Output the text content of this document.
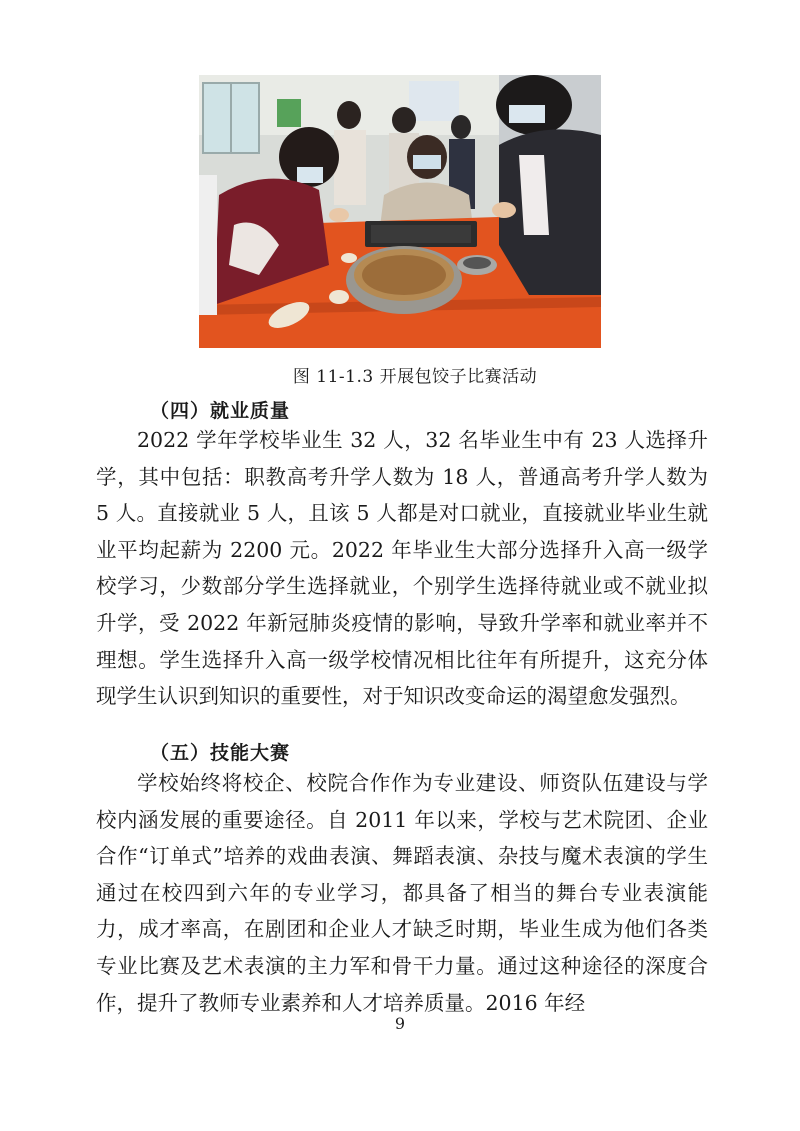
图 11-1.3 开展包饺子比赛活动
（四）就业质量
2022 学年学校毕业生 32 人，32 名毕业生中有 23 人选择升学，其中包括：职教高考升学人数为 18 人，普通高考升学人数为 5 人。直接就业 5 人，且该 5 人都是对口就业，直接就业毕业生就业平均起薪为 2200 元。2022 年毕业生大部分选择升入高一级学校学习，少数部分学生选择就业，个别学生选择待就业或不就业拟升学，受 2022 年新冠肺炎疫情的影响，导致升学率和就业率并不理想。学生选择升入高一级学校情况相比往年有所提升，这充分体现学生认识到知识的重要性，对于知识改变命运的渴望愈发强烈。
（五）技能大赛
学校始终将校企、校院合作作为专业建设、师资队伍建设与学校内涵发展的重要途径。自 2011 年以来，学校与艺术院团、企业合作“订单式”培养的戏曲表演、舞蹈表演、杂技与魔术表演的学生通过在校四到六年的专业学习，都具备了相当的舞台专业表演能力，成才率高，在剧团和企业人才缺乏时期，毕业生成为他们各类专业比赛及艺术表演的主力军和骨干力量。通过这种途径的深度合作，提升了教师专业素养和人才培养质量。2016 年经
9
